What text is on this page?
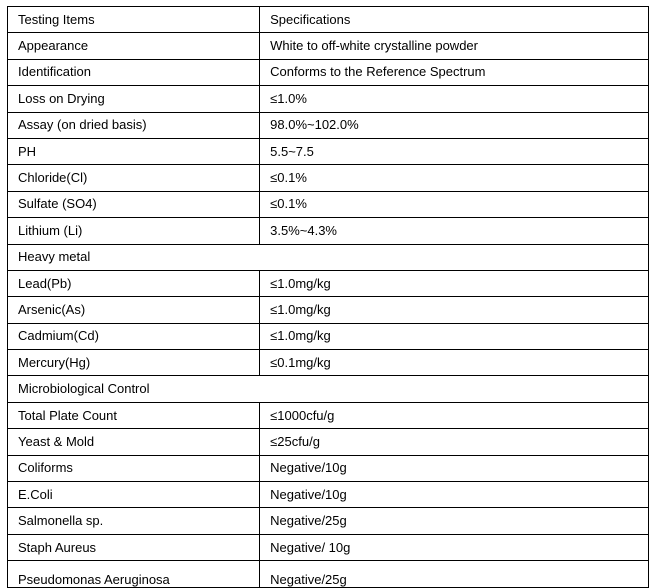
Testing Items	Specifications
Appearance	White to off-white crystalline powder
Identification	Conforms to the Reference Spectrum
Loss on Drying	≤1.0%
Assay (on dried basis)	98.0%~102.0%
PH	5.5~7.5
Chloride(Cl)	≤0.1%
Sulfate (SO4)	≤0.1%
Lithium (Li)	3.5%~4.3%
Heavy metal	
Lead(Pb)	≤1.0mg/kg
Arsenic(As)	≤1.0mg/kg
Cadmium(Cd)	≤1.0mg/kg
Mercury(Hg)	≤0.1mg/kg
Microbiological Control	
Total Plate Count	≤1000cfu/g
Yeast & Mold	≤25cfu/g
Coliforms	Negative/10g
E.Coli	Negative/10g
Salmonella sp.	Negative/25g
Staph Aureus	Negative/ 10g
Pseudomonas Aeruginosa	Negative/25g
